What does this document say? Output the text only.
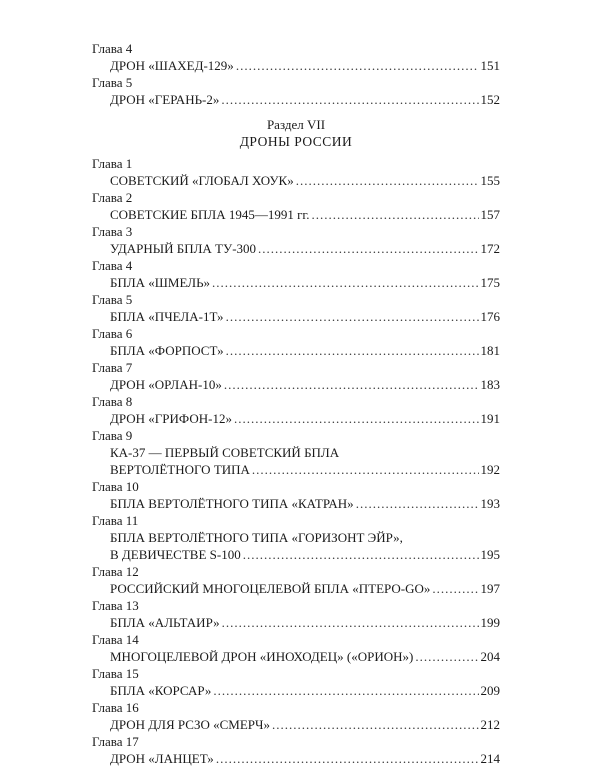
Глава 4
ДРОН «ШАХЕД-129» .....	151
Глава 5
ДРОН «ГЕРАНЬ-2» .....	152
Раздел VII
ДРОНЫ РОССИИ
Глава 1
СОВЕТСКИЙ «ГЛОБАЛ ХОУК» .....	155
Глава 2
СОВЕТСКИЕ БПЛА 1945—1991 гг. .....	157
Глава 3
УДАРНЫЙ БПЛА ТУ-300 .....	172
Глава 4
БПЛА «ШМЕЛЬ» .....	175
Глава 5
БПЛА «ПЧЕЛА-1Т» .....	176
Глава 6
БПЛА «ФОРПОСТ» .....	181
Глава 7
ДРОН «ОРЛАН-10» .....	183
Глава 8
ДРОН «ГРИФОН-12» .....	191
Глава 9
КА-37 — ПЕРВЫЙ СОВЕТСКИЙ БПЛА
ВЕРТОЛЁТНОГО ТИПА .....	192
Глава 10
БПЛА ВЕРТОЛЁТНОГО ТИПА «КАТРАН» .....	193
Глава 11
БПЛА ВЕРТОЛЁТНОГО ТИПА «ГОРИЗОНТ ЭЙР»,
В ДЕВИЧЕСТВЕ S-100 .....	195
Глава 12
РОССИЙСКИЙ МНОГОЦЕЛЕВОЙ БПЛА «ПТЕРО-GO» .....	197
Глава 13
БПЛА «АЛЬТАИР» .....	199
Глава 14
МНОГОЦЕЛЕВОЙ ДРОН «ИНОХОДЕЦ» («ОРИОН») .....	204
Глава 15
БПЛА «КОРСАР» .....	209
Глава 16
ДРОН ДЛЯ РСЗО «СМЕРЧ» .....	212
Глава 17
ДРОН «ЛАНЦЕТ» .....	214
